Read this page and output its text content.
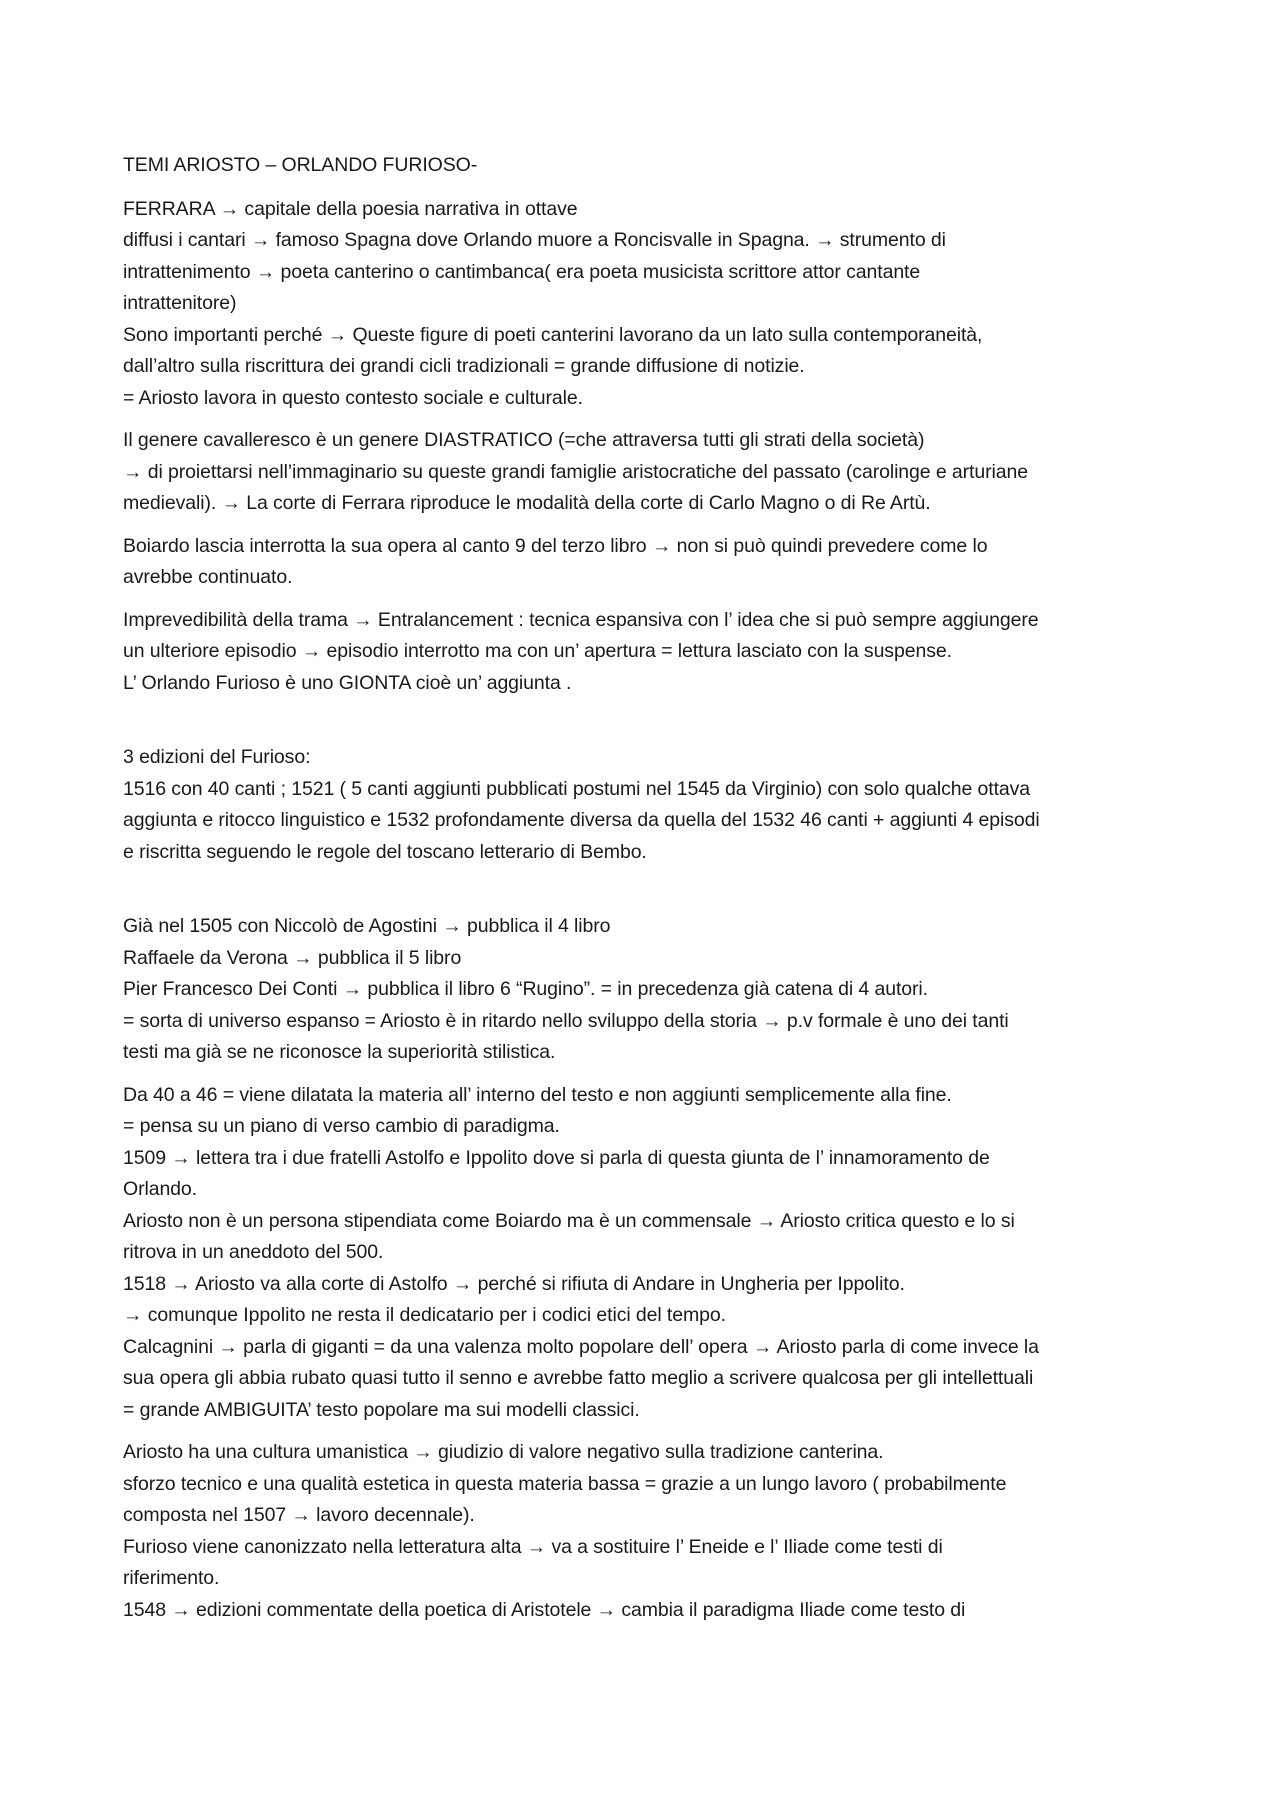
TEMI ARIOSTO – ORLANDO FURIOSO-
FERRARA → capitale della poesia narrativa in ottave
diffusi i cantari → famoso Spagna dove Orlando muore a Roncisvalle in Spagna. → strumento di
intrattenimento → poeta canterino o cantimbanca( era poeta musicista scrittore attor cantante
intrattenitore)
Sono importanti perché → Queste figure di poeti canterini lavorano da un lato sulla contemporaneità,
dall’altro sulla riscrittura dei grandi cicli tradizionali = grande diffusione di notizie.
= Ariosto lavora in questo contesto sociale e culturale.
Il genere cavalleresco è un genere DIASTRATICO (=che attraversa tutti gli strati della società)
→ di proiettarsi nell’immaginario su queste grandi famiglie aristocratiche del passato (carolinge e arturiane
medievali). → La corte di Ferrara riproduce le modalità della corte di Carlo Magno o di Re Artù.
Boiardo lascia interrotta la sua opera al canto 9 del terzo libro → non si può quindi prevedere come lo
avrebbe continuato.
Imprevedibilità della trama → Entralancement : tecnica espansiva con l’ idea che si può sempre aggiungere
un ulteriore episodio → episodio interrotto ma con un’ apertura = lettura lasciato con la suspense.
L’ Orlando Furioso è uno GIONTA cioè un’ aggiunta .
3 edizioni del Furioso:
1516 con 40 canti ; 1521 ( 5 canti aggiunti pubblicati postumi nel 1545 da Virginio) con solo qualche ottava
aggiunta e ritocco linguistico e 1532 profondamente diversa da quella del 1532 46 canti + aggiunti 4 episodi
e riscritta seguendo le regole del toscano letterario di Bembo.
Già nel 1505 con Niccolò de Agostini → pubblica il 4 libro
Raffaele da Verona → pubblica il 5 libro
Pier Francesco Dei Conti → pubblica il libro 6 “Rugino”. = in precedenza già catena di 4 autori.
= sorta di universo espanso = Ariosto è in ritardo nello sviluppo della storia → p.v formale è uno dei tanti
testi ma già se ne riconosce la superiorità stilistica.
Da 40 a 46 = viene dilatata la materia all’ interno del testo e non aggiunti semplicemente alla fine.
= pensa su un piano di verso cambio di paradigma.
1509 → lettera tra i due fratelli Astolfo e Ippolito dove si parla di questa giunta de l’ innamoramento de
Orlando.
Ariosto non è un persona stipendiata come Boiardo ma è un commensale → Ariosto critica questo e lo si
ritrova in un aneddoto del 500.
1518 → Ariosto va alla corte di Astolfo → perché si rifiuta di Andare in Ungheria per Ippolito.
→ comunque Ippolito ne resta il dedicatario per i codici etici del tempo.
Calcagnini → parla di giganti = da una valenza molto popolare dell’ opera → Ariosto parla di come invece la
sua opera gli abbia rubato quasi tutto il senno e avrebbe fatto meglio a scrivere qualcosa per gli intellettuali
= grande AMBIGUITA’ testo popolare ma sui modelli classici.
Ariosto ha una cultura umanistica → giudizio di valore negativo sulla tradizione canterina.
sforzo tecnico e una qualità estetica in questa materia bassa = grazie a un lungo lavoro ( probabilmente
composta nel 1507 → lavoro decennale).
Furioso viene canonizzato nella letteratura alta → va a sostituire l’ Eneide e l’ Iliade come testi di
riferimento.
1548 → edizioni commentate della poetica di Aristotele → cambia il paradigma Iliade come testo di
